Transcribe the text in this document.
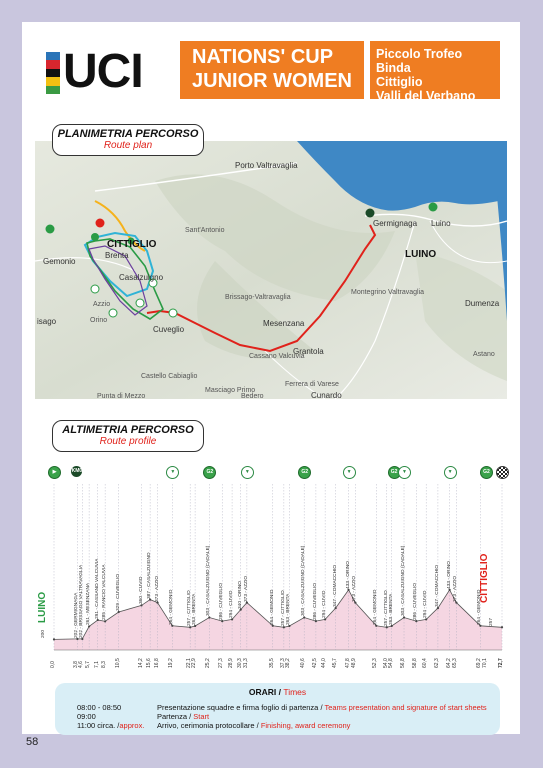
UCI NATIONS' CUP
JUNIOR WOMEN
Piccolo Trofeo Binda
Cittiglio
Valli del Verbano
PLANIMETRIA PERCORSO
Route plan
Porto Valtravaglia
Germignaga Luino
LUINO
CITTIGLIO
Gemonio
Brenta
Casalzuigno
Azzio
Orino
Cuveglio
Mesenzana
Grantola
Brissago-Valtravaglia
Montegrino Valtravaglia
Dumenza
Astano
Cassano Valcuvia
Castello Cabiaglio
Masciago Primo
Ferrera di Varese
Cunardo
Bedero
isago
Sant'Antonio
Punta di Mezzo
ALTIMETRIA PERCORSO
Route profile
202 - GERMIGNAGA 202 - BRISSAGO VALTRAVAGLIA 261 - MESENZANA 291 - CASSANO VALCUVIA 285 - RANCIO VALCUVIA 329 - CUVEGLIO	360 - CUVIO 387 - CASALZUIGNO 373 - AZZIO
264 - GEMONIO	257 - CITTIGLIO 263 - BRENTA 303 - CASALZUIGNO (CADALE) 286 - CUVEGLIO 294 - CUVIO 340 - ORINO 373 - AZZIO
264 - GEMONIO 257 - CITTIGLIO 263 - BRENTA 303 - CASALZUIGNO (CADALE) 286 - CUVEGLIO 294 - CUVIO 347 - COMACCHIO 433 - ORINO 373 - AZZIO
264 - GEMONIO 257 - CITTIGLIO 263 - BRENTA 303 - CASALZUIGNO (CADALE) 286 - CUVEGLIO 294 - CUVIO 347 - COMACCHIO 433 - ORINO 373 - AZZIO
264 - GEMONIO 257
200
0,0	3,8
4,6 5,7 7,1 8,3 10,5	14,2 15,6 16,8 19,2 22,1
22,9 25,2 27,3 28,9 30,3 31,3	35,5 37,3 38,2 40,6 42,5 44,0 45,7 47,8 48,9	52,3 54,0
54,8 56,8 58,8 60,4 62,3 64,2 65,3	69,2 70,1 72,7
LUINO
CITTIGLIO
▶	KM0	▼	G2	▼	G2	▼	G2 ▼	▼	G2
ORARI / Times
08:00 - 08:50	Presentazione squadre e firma foglio di partenza / Teams presentation and signature of start sheets
09:00	Partenza / Start
11:00 circa. /approx. Arrivo, cerimonia protocollare / Finishing, award ceremony
58
